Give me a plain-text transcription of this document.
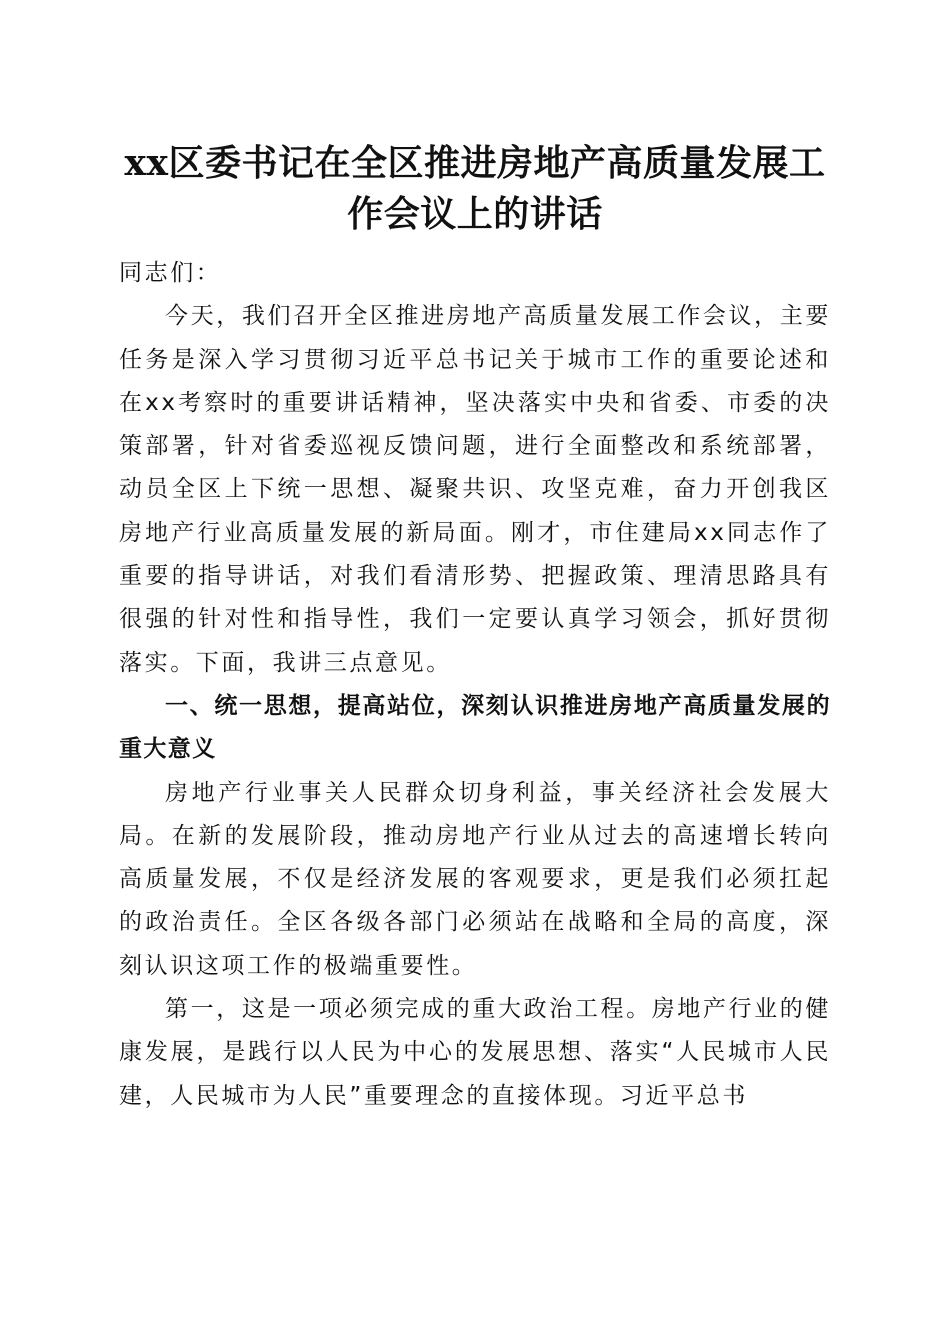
xx区委书记在全区推进房地产高质量发展工作会议上的讲话

同志们：

今天，我们召开全区推进房地产高质量发展工作会议，主要任务是深入学习贯彻习近平总书记关于城市工作的重要论述和在xx考察时的重要讲话精神，坚决落实中央和省委、市委的决策部署，针对省委巡视反馈问题，进行全面整改和系统部署，动员全区上下统一思想、凝聚共识、攻坚克难，奋力开创我区房地产行业高质量发展的新局面。刚才，市住建局xx同志作了重要的指导讲话，对我们看清形势、把握政策、理清思路具有很强的针对性和指导性，我们一定要认真学习领会，抓好贯彻落实。下面，我讲三点意见。

一、统一思想，提高站位，深刻认识推进房地产高质量发展的重大意义

房地产行业事关人民群众切身利益，事关经济社会发展大局。在新的发展阶段，推动房地产行业从过去的高速增长转向高质量发展，不仅是经济发展的客观要求，更是我们必须扛起的政治责任。全区各级各部门必须站在战略和全局的高度，深刻认识这项工作的极端重要性。

第一，这是一项必须完成的重大政治工程。房地产行业的健康发展，是践行以人民为中心的发展思想、落实“人民城市人民建，人民城市为人民”重要理念的直接体现。习近平总书
